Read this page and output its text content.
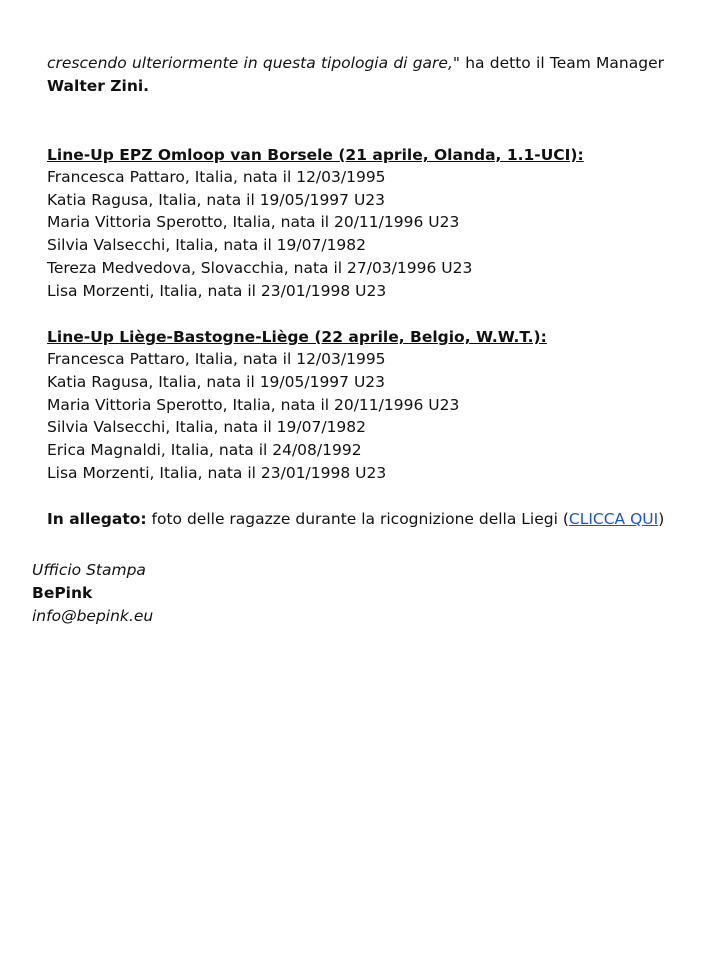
crescendo ulteriormente in questa tipologia di gare," ha detto il Team Manager
Walter Zini.
Line-Up EPZ Omloop van Borsele (21 aprile, Olanda, 1.1-UCI):
Francesca Pattaro, Italia, nata il 12/03/1995
Katia Ragusa, Italia, nata il 19/05/1997 U23
Maria Vittoria Sperotto, Italia, nata il 20/11/1996 U23
Silvia Valsecchi, Italia, nata il 19/07/1982
Tereza Medvedova, Slovacchia, nata il 27/03/1996 U23
Lisa Morzenti, Italia, nata il 23/01/1998 U23
Line-Up Liège-Bastogne-Liège (22 aprile, Belgio, W.W.T.):
Francesca Pattaro, Italia, nata il 12/03/1995
Katia Ragusa, Italia, nata il 19/05/1997 U23
Maria Vittoria Sperotto, Italia, nata il 20/11/1996 U23
Silvia Valsecchi, Italia, nata il 19/07/1982
Erica Magnaldi, Italia, nata il 24/08/1992
Lisa Morzenti, Italia, nata il 23/01/1998 U23
In allegato: foto delle ragazze durante la ricognizione della Liegi (CLICCA QUI)
Ufficio Stampa
BePink
info@bepink.eu
